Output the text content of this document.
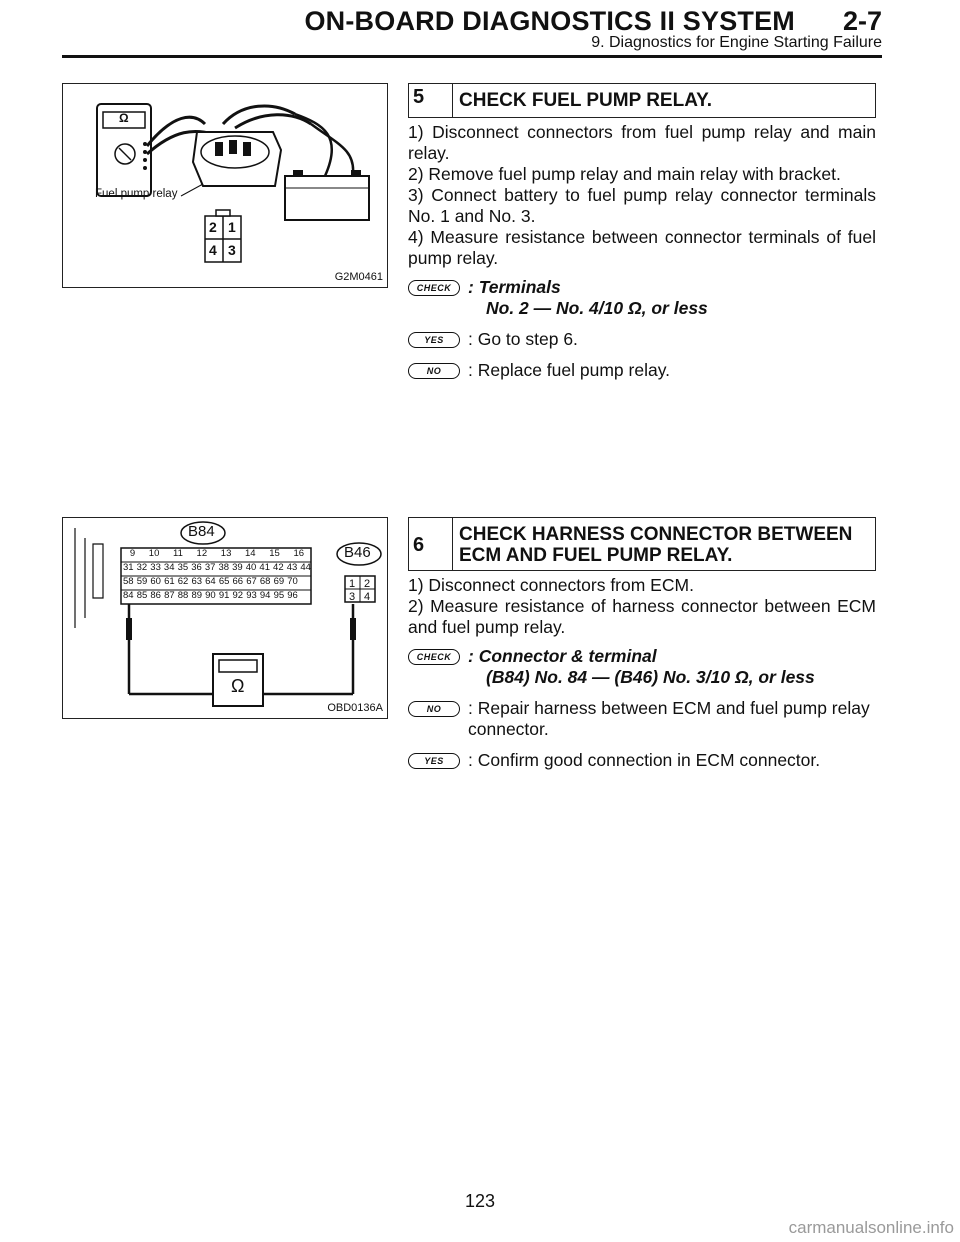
ON-BOARD DIAGNOSTICS II SYSTEM 2-7
9. Diagnostics for Engine Starting Failure
Fuel pump relay
Ω
2 1
4 3
G2M0461
5	CHECK FUEL PUMP RELAY.
1) Disconnect connectors from fuel pump relay and main relay.
2) Remove fuel pump relay and main relay with bracket.
3) Connect battery to fuel pump relay connector terminals No. 1 and No. 3.
4) Measure resistance between connector terminals of fuel pump relay.
CHECK : Terminals
No. 2 — No. 4/10 Ω, or less
YES	: Go to step 6.
NO	: Replace fuel pump relay.
B84
B46
9 10 11 12 13 14 15 16
31 32 33 34 35 36 37 38 39 40 41 42 43 44
58 59 60 61 62 63 64 65 66 67 68 69 70
84 85 86 87 88 89 90 91 92 93 94 95 96
1 2
3 4
Ω
OBD0136A
6	CHECK HARNESS CONNECTOR BETWEEN ECM AND FUEL PUMP RELAY.
1) Disconnect connectors from ECM.
2) Measure resistance of harness connector between ECM and fuel pump relay.
CHECK : Connector & terminal
(B84) No. 84 — (B46) No. 3/10 Ω, or less
NO	: Repair harness between ECM and fuel pump relay connector.
YES	: Confirm good connection in ECM connector.
123
carmanualsonline.info
